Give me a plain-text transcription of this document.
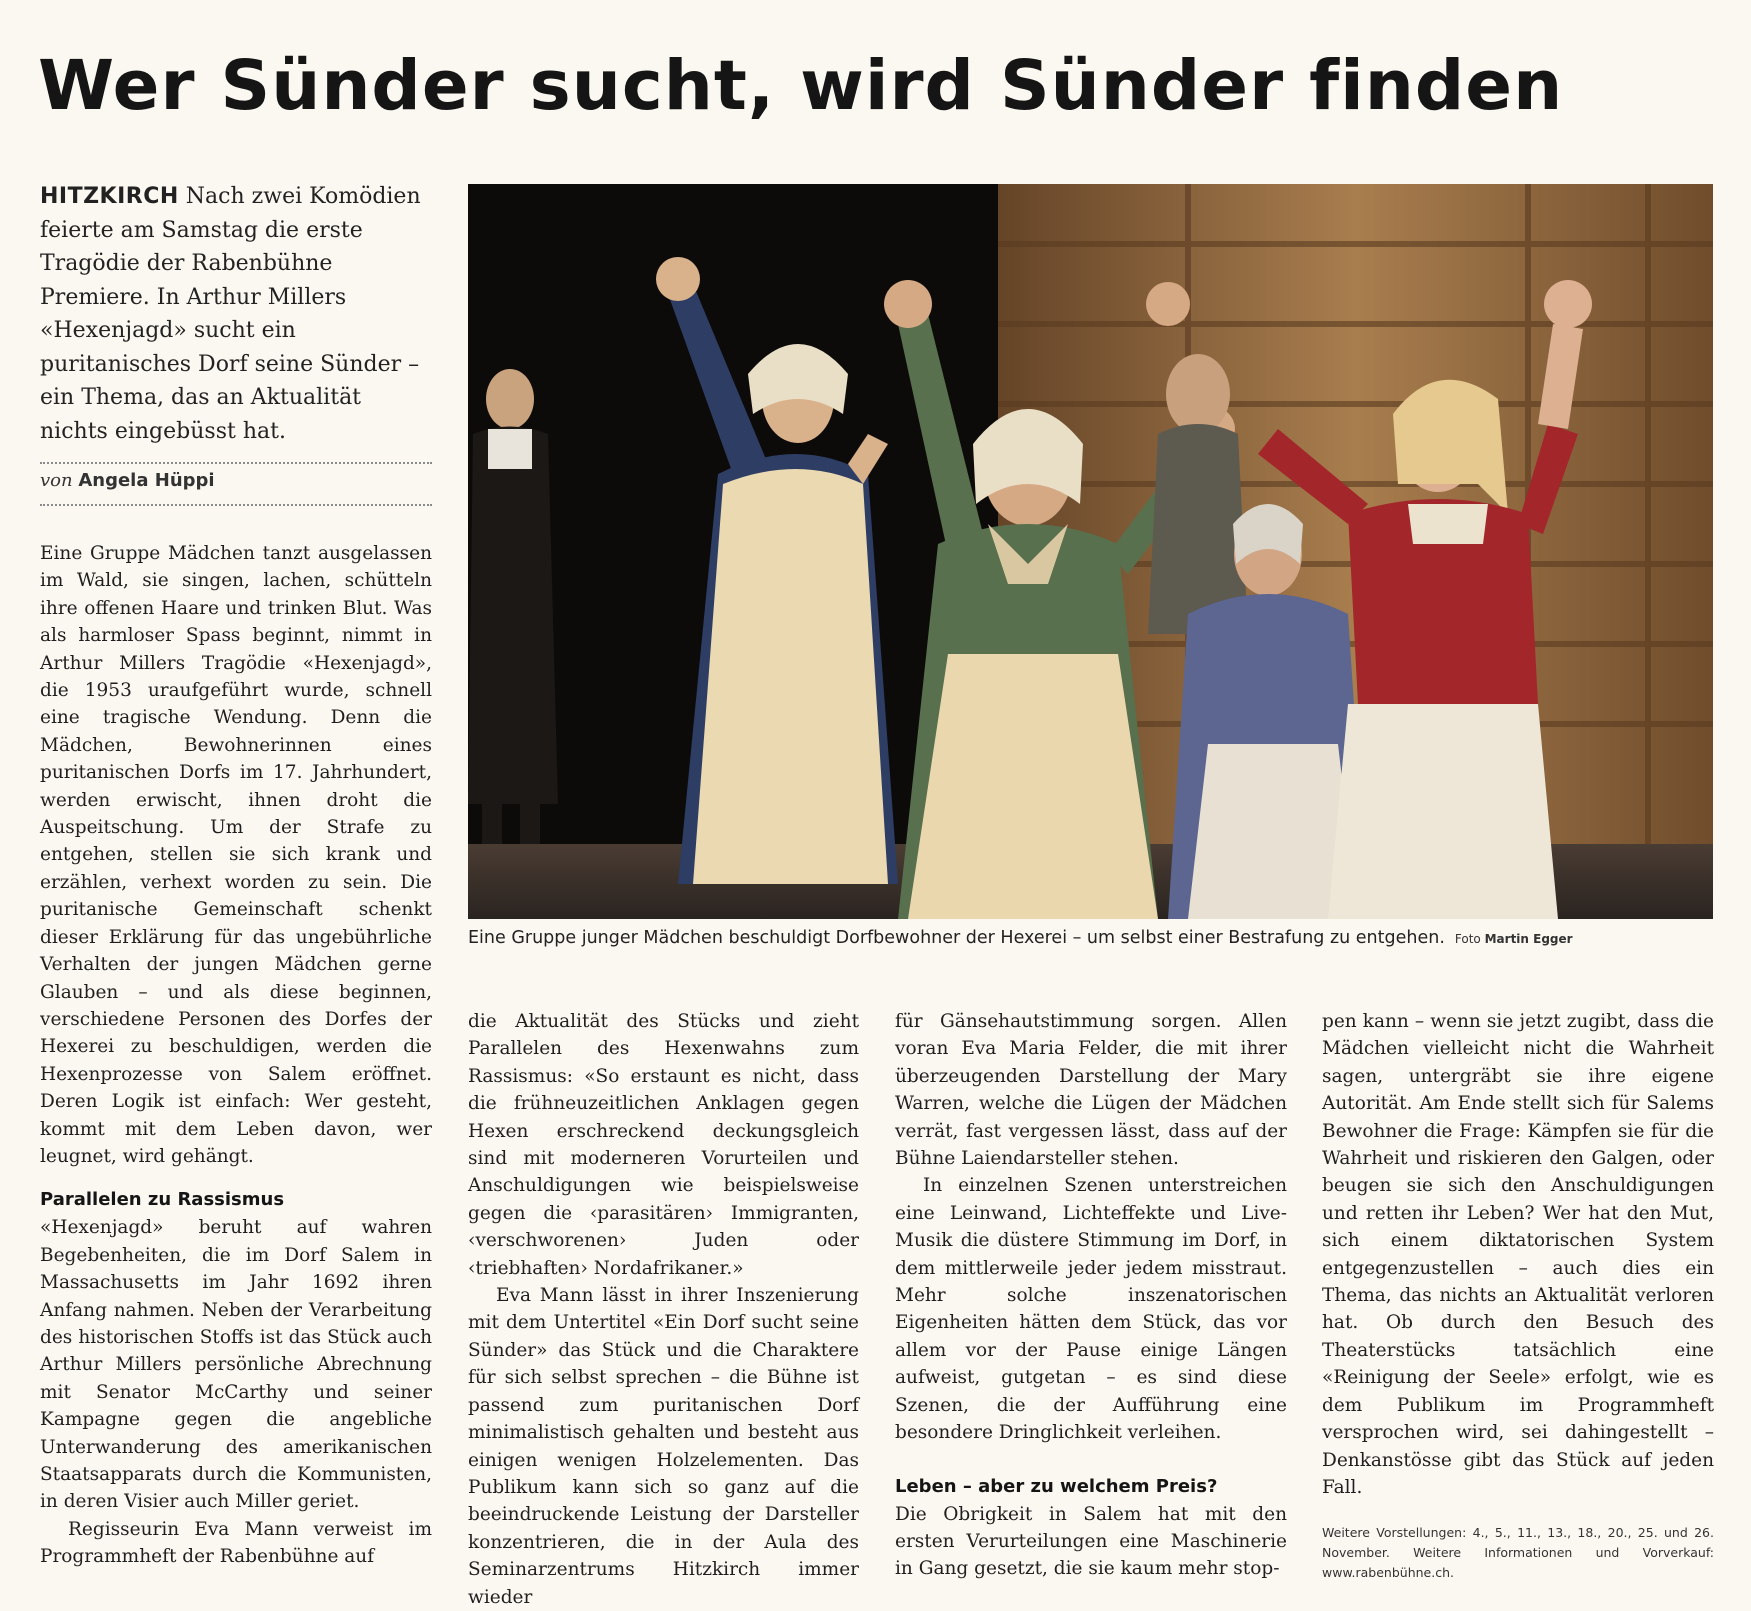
Wer Sünder sucht, wird Sünder finden
HITZKIRCH Nach zwei Komödien feierte am Samstag die erste Tragödie der Rabenbühne Premiere. In Arthur Millers «Hexenjagd» sucht ein puritanisches Dorf seine Sünder – ein Thema, das an Aktualität nichts eingebüsst hat.
von Angela Hüppi
Eine Gruppe junger Mädchen beschuldigt Dorfbewohner der Hexerei – um selbst einer Bestrafung zu entgehen. Foto Martin Egger

Eine Gruppe Mädchen tanzt ausgelassen im Wald, sie singen, lachen, schütteln ihre offenen Haare und trinken Blut. Was als harmloser Spass beginnt, nimmt in Arthur Millers Tragödie «Hexenjagd», die 1953 uraufgeführt wurde, schnell eine tragische Wendung. Denn die Mädchen, Bewohnerinnen eines puritanischen Dorfs im 17. Jahrhundert, werden erwischt, ihnen droht die Auspeitschung. Um der Strafe zu entgehen, stellen sie sich krank und erzählen, verhext worden zu sein. Die puritanische Gemeinschaft schenkt dieser Erklärung für das ungebührliche Verhalten der jungen Mädchen gerne Glauben – und als diese beginnen, verschiedene Personen des Dorfes der Hexerei zu beschuldigen, werden die Hexenprozesse von Salem eröffnet. Deren Logik ist einfach: Wer gesteht, kommt mit dem Leben davon, wer leugnet, wird gehängt.

Parallelen zu Rassismus

«Hexenjagd» beruht auf wahren Begebenheiten, die im Dorf Salem in Massachusetts im Jahr 1692 ihren Anfang nahmen. Neben der Verarbeitung des historischen Stoffs ist das Stück auch Arthur Millers persönliche Abrechnung mit Senator McCarthy und seiner Kampagne gegen die angebliche Unterwanderung des amerikanischen Staatsapparats durch die Kommunisten, in deren Visier auch Miller geriet.

Regisseurin Eva Mann verweist im Programmheft der Rabenbühne auf

die Aktualität des Stücks und zieht Parallelen des Hexenwahns zum Rassismus: «So erstaunt es nicht, dass die frühneuzeitlichen Anklagen gegen Hexen erschreckend deckungsgleich sind mit moderneren Vorurteilen und Anschuldigungen wie beispielsweise gegen die ‹parasitären› Immigranten, ‹verschworenen› Juden oder ‹triebhaften› Nordafrikaner.»

Eva Mann lässt in ihrer Inszenierung mit dem Untertitel «Ein Dorf sucht seine Sünder» das Stück und die Charaktere für sich selbst sprechen – die Bühne ist passend zum puritanischen Dorf minimalistisch gehalten und besteht aus einigen wenigen Holzelementen. Das Publikum kann sich so ganz auf die beeindruckende Leistung der Darsteller konzentrieren, die in der Aula des Seminarzentrums Hitzkirch immer wieder

für Gänsehautstimmung sorgen. Allen voran Eva Maria Felder, die mit ihrer überzeugenden Darstellung der Mary Warren, welche die Lügen der Mädchen verrät, fast vergessen lässt, dass auf der Bühne Laiendarsteller stehen.

In einzelnen Szenen unterstreichen eine Leinwand, Lichteffekte und Live-Musik die düstere Stimmung im Dorf, in dem mittlerweile jeder jedem misstraut. Mehr solche inszenatorischen Eigenheiten hätten dem Stück, das vor allem vor der Pause einige Längen aufweist, gutgetan – es sind diese Szenen, die der Aufführung eine besondere Dringlichkeit verleihen.

Leben – aber zu welchem Preis?

Die Obrigkeit in Salem hat mit den ersten Verurteilungen eine Maschinerie in Gang gesetzt, die sie kaum mehr stop-

pen kann – wenn sie jetzt zugibt, dass die Mädchen vielleicht nicht die Wahrheit sagen, untergräbt sie ihre eigene Autorität. Am Ende stellt sich für Salems Bewohner die Frage: Kämpfen sie für die Wahrheit und riskieren den Galgen, oder beugen sie sich den Anschuldigungen und retten ihr Leben? Wer hat den Mut, sich einem diktatorischen System entgegenzustellen – auch dies ein Thema, das nichts an Aktualität verloren hat. Ob durch den Besuch des Theaterstücks tatsächlich eine «Reinigung der Seele» erfolgt, wie es dem Publikum im Programmheft versprochen wird, sei dahingestellt – Denkanstösse gibt das Stück auf jeden Fall.

Weitere Vorstellungen: 4., 5., 11., 13., 18., 20., 25. und 26. November. Weitere Informationen und Vorverkauf: www.rabenbühne.ch.
